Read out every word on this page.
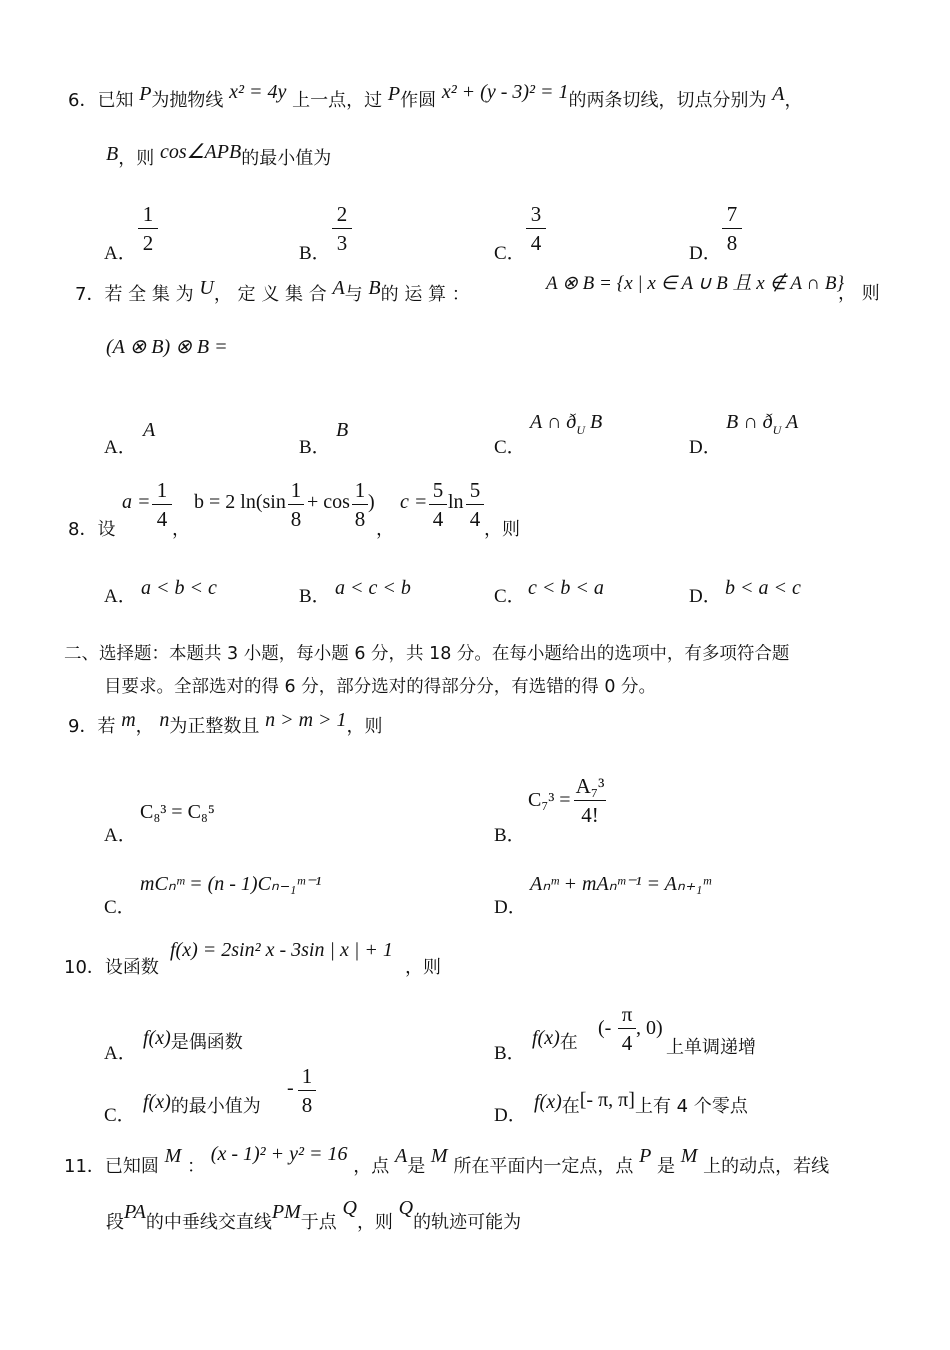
6．已知 P为抛物线 x² = 4y 上一点，过 P作圆 x² + (y - 3)² = 1的两条切线，切点分别为 A，
B，则 cos∠APB的最小值为
A．
1
2	B．
2
3	C．
3
4	D．
7
8
7．若 全 集 为 U， 定 义 集 合 A与 B的 运 算 ：
A ⊗ B = {x | x ∈ A ∪ B 且 x ∉ A ∩ B}
， 则
(A ⊗ B) ⊗ B =
A．
A
B．
B
C．
A ∩ $ð_U$ B
D．
B ∩ $ð_U$ A
8．设
a = 1
4 ，
b = 2 ln(sin 1
8
+ cos 1
8
)
，
c = 5
4
ln 5
4 ，则
A． a < b < c	B． a < c < b	C． c < b < a	D． b < a < c
二、选择题：本题共 3 小题，每小题 6 分，共 18 分。在每小题给出的选项中，有多项符合题
目要求。全部选对的得 6 分，部分选对的得部分分，有选错的得 0 分。
9．若 m， n为正整数且 n > m > 1，则
A．
C₈³ = C₈⁵
B．
C₇³ =
A₇³
4!
C．
mCₙᵐ = (n - 1)Cₙ₋₁ᵐ⁻¹
D．
Aₙᵐ + mAₙᵐ⁻¹ = Aₙ₊₁ᵐ
10．设函数
f(x) = 2sin² x - 3sin | x | + 1
，则
A．
f(x)是偶函数
B．
f(x)在
(-
π
4
, 0)
上单调递增
C．
f(x)的最小值为
- 1
8	D．
f(x)在[- π, π]上有 4 个零点
11．已知圆 M ： (x - 1)² + y² = 16 ，点 A是 M 所在平面内一定点，点 P 是 M 上的动点，若线
段PA的中垂线交直线PM于点 Q，则 Q的轨迹可能为
